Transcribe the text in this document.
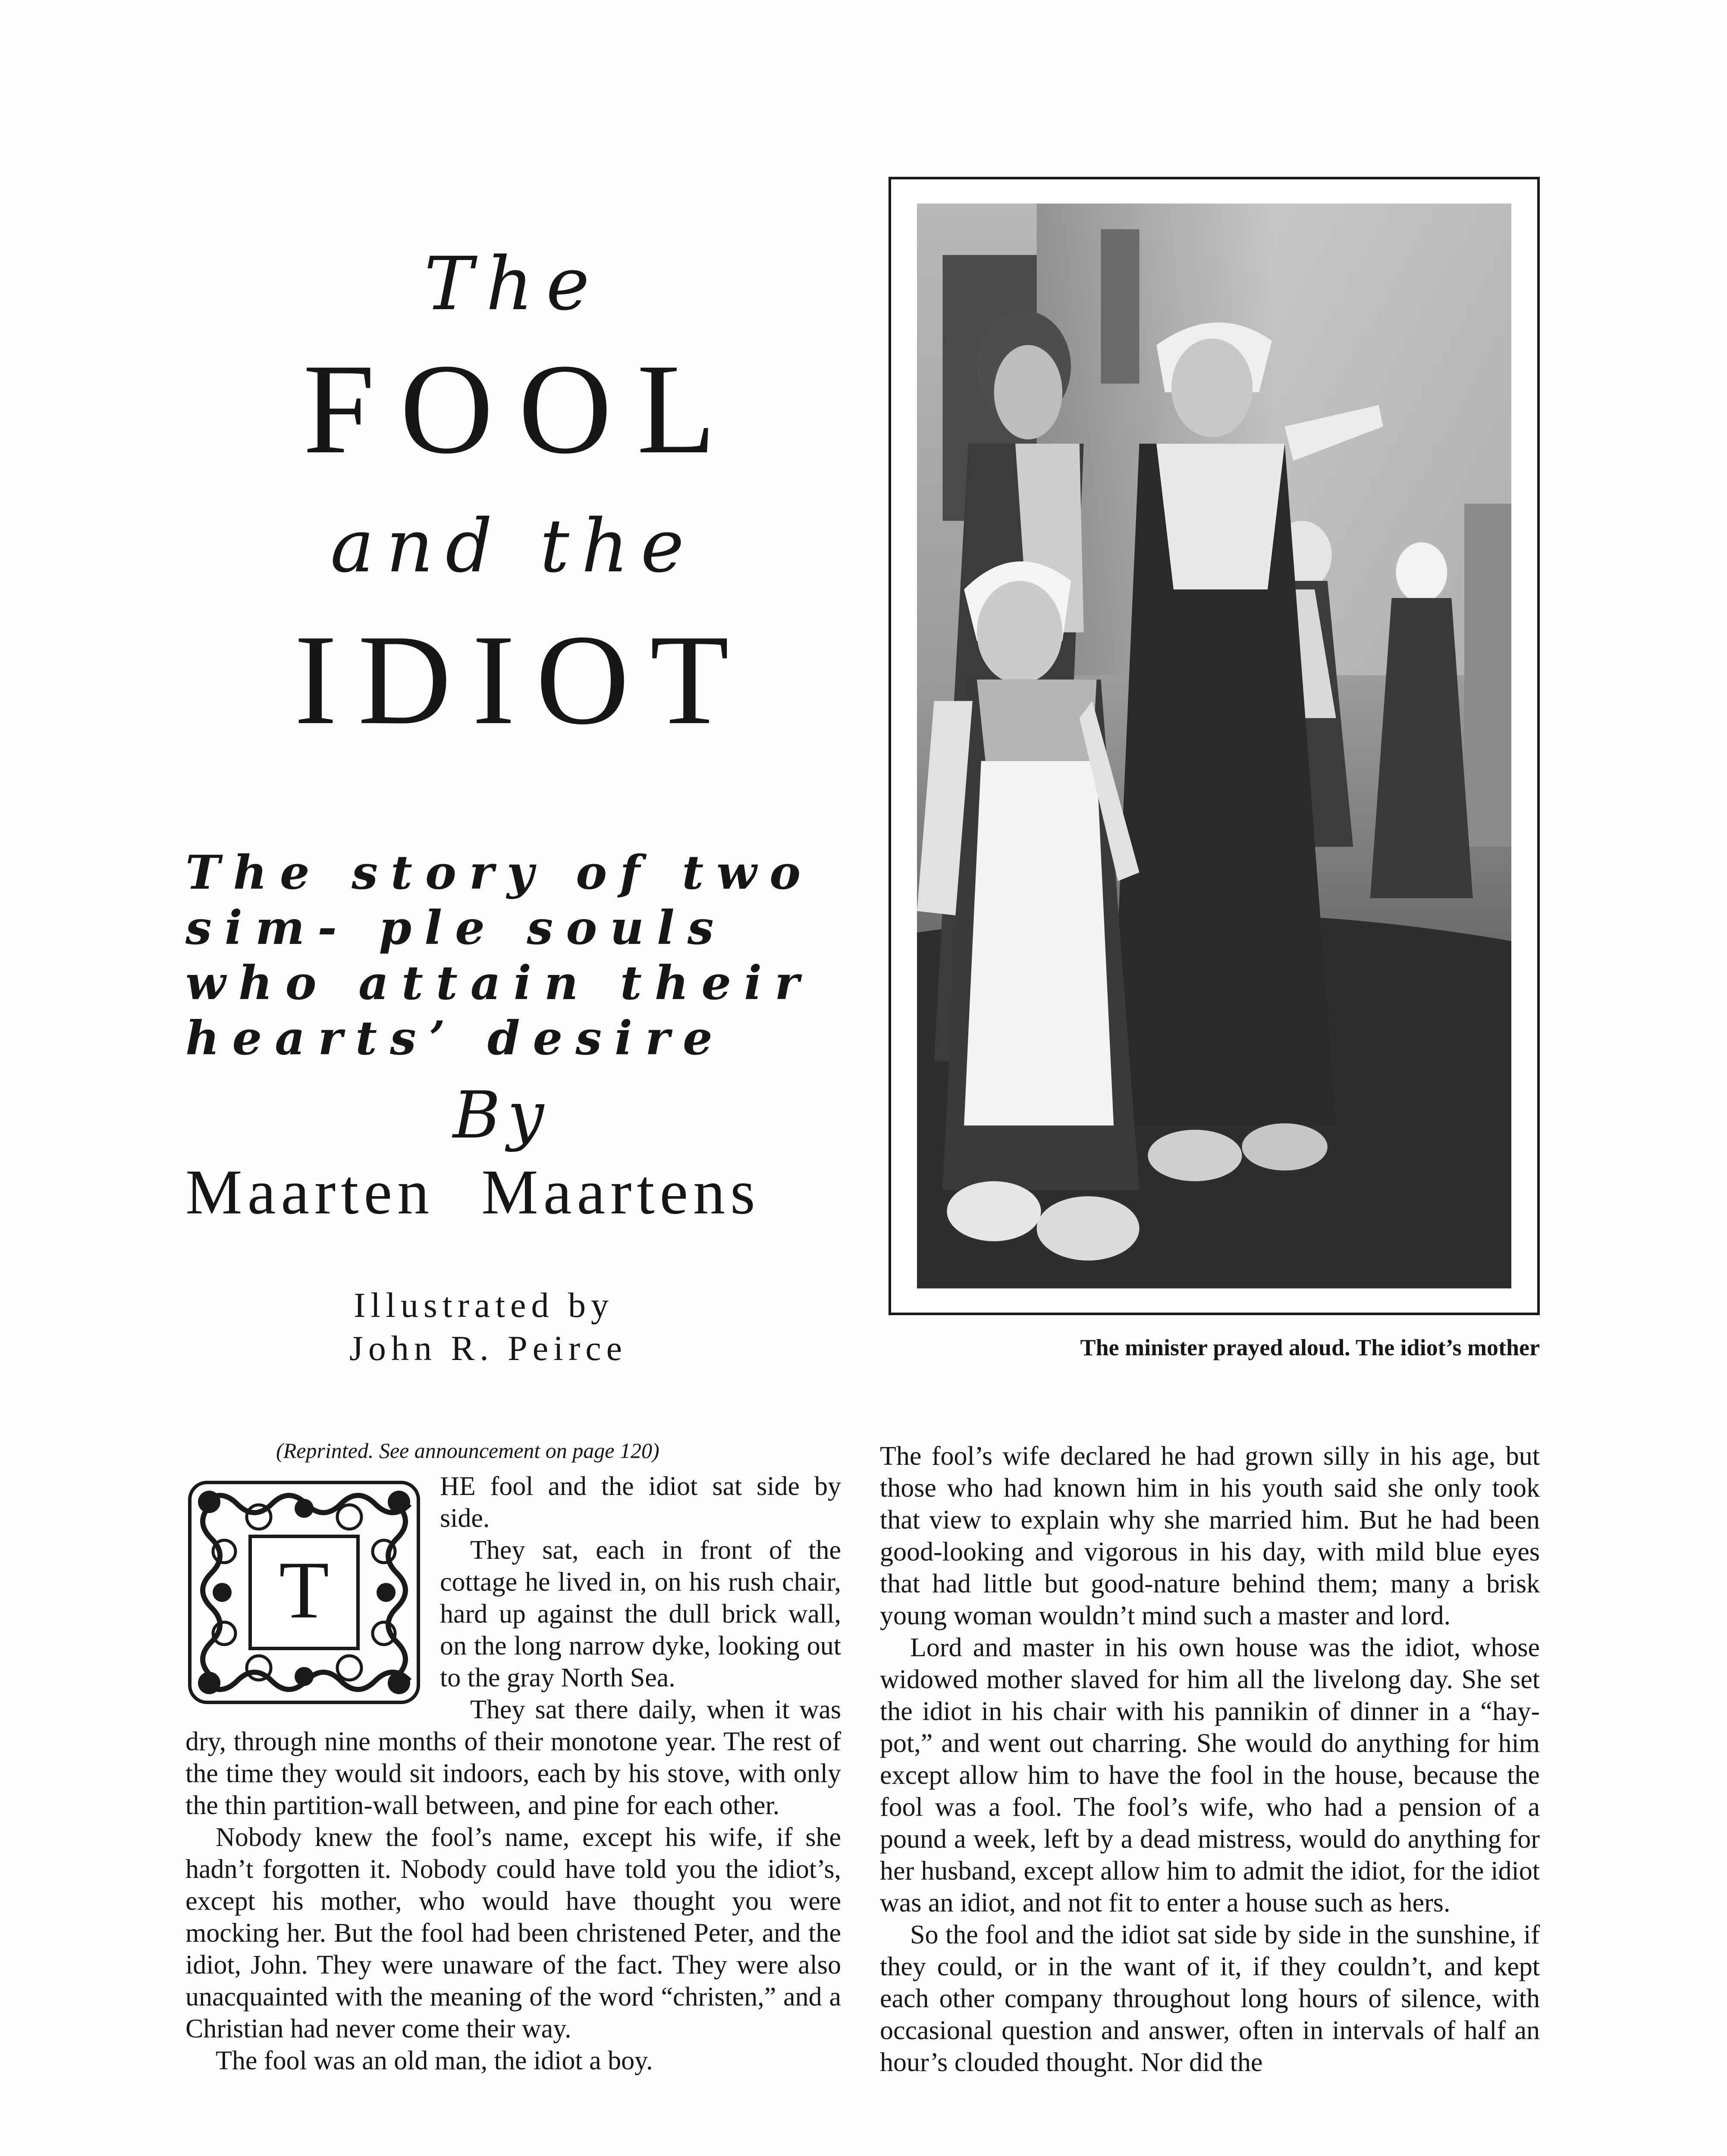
The
FOOL
and the
IDIOT
The story of two sim- ple souls who attain their hearts’ desire
By
Maarten Maartens
Illustrated by
John R. Peirce	The minister prayed aloud. The idiot’s mother
(Reprinted. See announcement on page 120)
T

HE fool and the idiot sat side by side.

They sat, each in front of the cottage he lived in, on his rush chair, hard up against the dull brick wall, on the long narrow dyke, looking out to the gray North Sea.

They sat there daily, when it was dry, through nine months of their monotone year. The rest of the time they would sit indoors, each by his stove, with only the thin partition-wall between, and pine for each other.

Nobody knew the fool’s name, except his wife, if she hadn’t forgotten it. Nobody could have told you the idiot’s, except his mother, who would have thought you were mocking her. But the fool had been christened Peter, and the idiot, John. They were unaware of the fact. They were also unacquainted with the meaning of the word “christen,” and a Christian had never come their way.

The fool was an old man, the idiot a boy.

The fool’s wife declared he had grown silly in his age, but those who had known him in his youth said she only took that view to explain why she married him. But he had been good-looking and vigorous in his day, with mild blue eyes that had little but good-nature behind them; many a brisk young woman wouldn’t mind such a master and lord.

Lord and master in his own house was the idiot, whose widowed mother slaved for him all the livelong day. She set the idiot in his chair with his pannikin of dinner in a “hay-pot,” and went out charring. She would do anything for him except allow him to have the fool in the house, because the fool was a fool. The fool’s wife, who had a pension of a pound a week, left by a dead mistress, would do anything for her husband, except allow him to admit the idiot, for the idiot was an idiot, and not fit to enter a house such as hers.

So the fool and the idiot sat side by side in the sunshine, if they could, or in the want of it, if they couldn’t, and kept each other company throughout long hours of silence, with occasional question and answer, often in intervals of half an hour’s clouded thought. Nor did the
